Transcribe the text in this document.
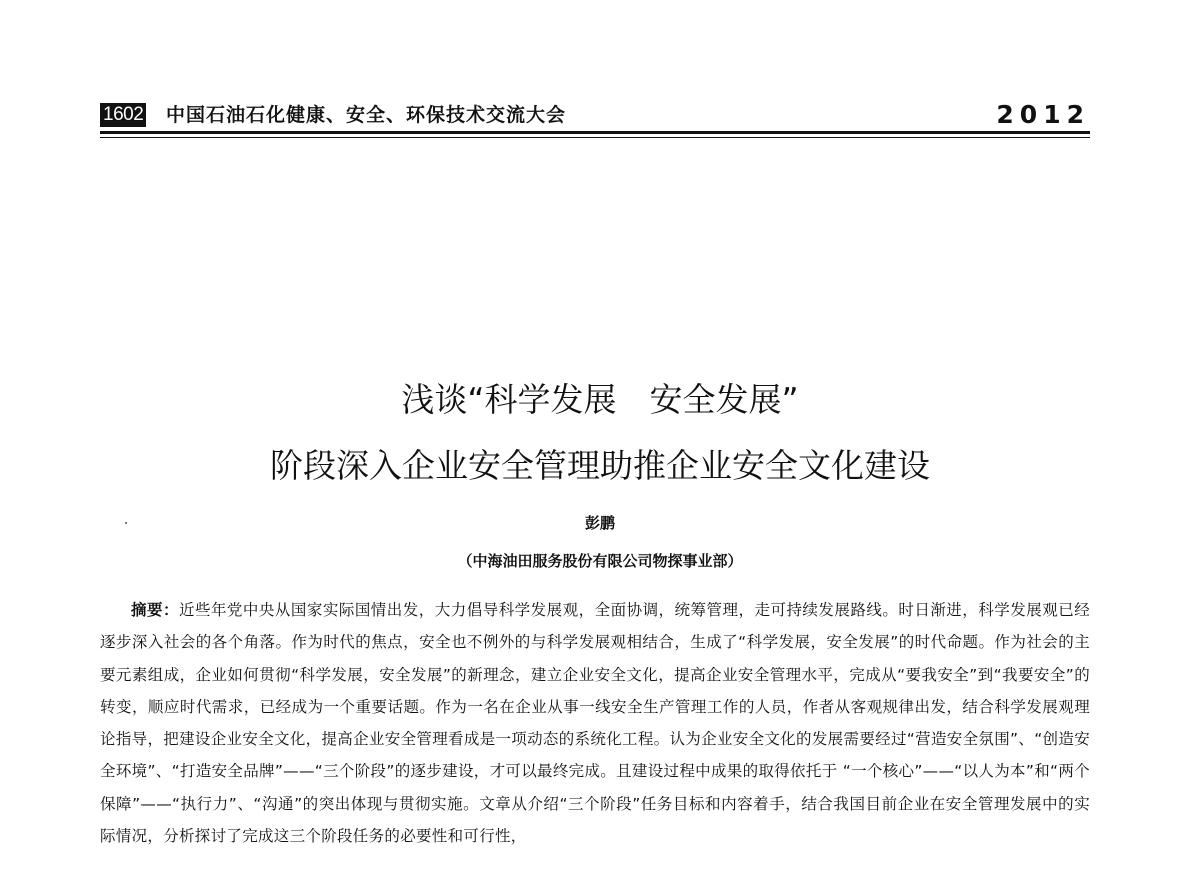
1602 中国石油石化健康、安全、环保技术交流大会	2012
浅谈“科学发展　安全发展”
阶段深入企业安全管理助推企业安全文化建设
彭鹏
（中海油田服务股份有限公司物探事业部）

摘要：近些年党中央从国家实际国情出发，大力倡导科学发展观，全面协调，统筹管理，走可持续发展路线。时日渐进，科学发展观已经逐步深入社会的各个角落。作为时代的焦点，安全也不例外的与科学发展观相结合，生成了“科学发展，安全发展”的时代命题。作为社会的主要元素组成，企业如何贯彻“科学发展，安全发展”的新理念，建立企业安全文化，提高企业安全管理水平，完成从“要我安全”到“我要安全”的转变，顺应时代需求，已经成为一个重要话题。作为一名在企业从事一线安全生产管理工作的人员，作者从客观规律出发，结合科学发展观理论指导，把建设企业安全文化，提高企业安全管理看成是一项动态的系统化工程。认为企业安全文化的发展需要经过“营造安全氛围”、“创造安全环境”、“打造安全品牌”——“三个阶段”的逐步建设，才可以最终完成。且建设过程中成果的取得依托于 “一个核心”——“以人为本”和“两个保障”——“执行力”、“沟通”的突出体现与贯彻实施。文章从介绍“三个阶段”任务目标和内容着手，结合我国目前企业在安全管理发展中的实际情况，分析探讨了完成这三个阶段任务的必要性和可行性，
